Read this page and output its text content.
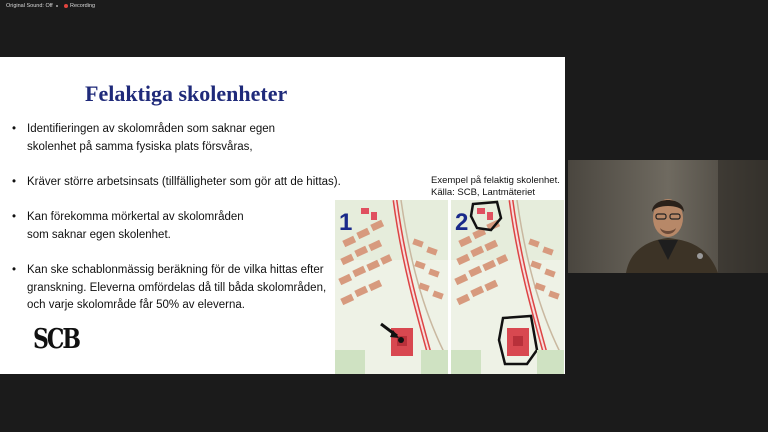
Original Sound: Off	Recording
Felaktiga skolenheter
• Identifieringen av skolområden som saknar egen
skolenhet på samma fysiska plats försvåras,
• Kräver större arbetsinsats (tillfälligheter som gör att de hittas).
• Kan förekomma mörkertal av skolområden
som saknar egen skolenhet.
• Kan ske schablonmässig beräkning för de vilka hittas efter
granskning. Eleverna omfördelas då till båda skolområden,
och varje skolområde får 50% av eleverna.
SCB
Exempel på felaktig skolenhet.
Källa: SCB, Lantmäteriet
1	2
